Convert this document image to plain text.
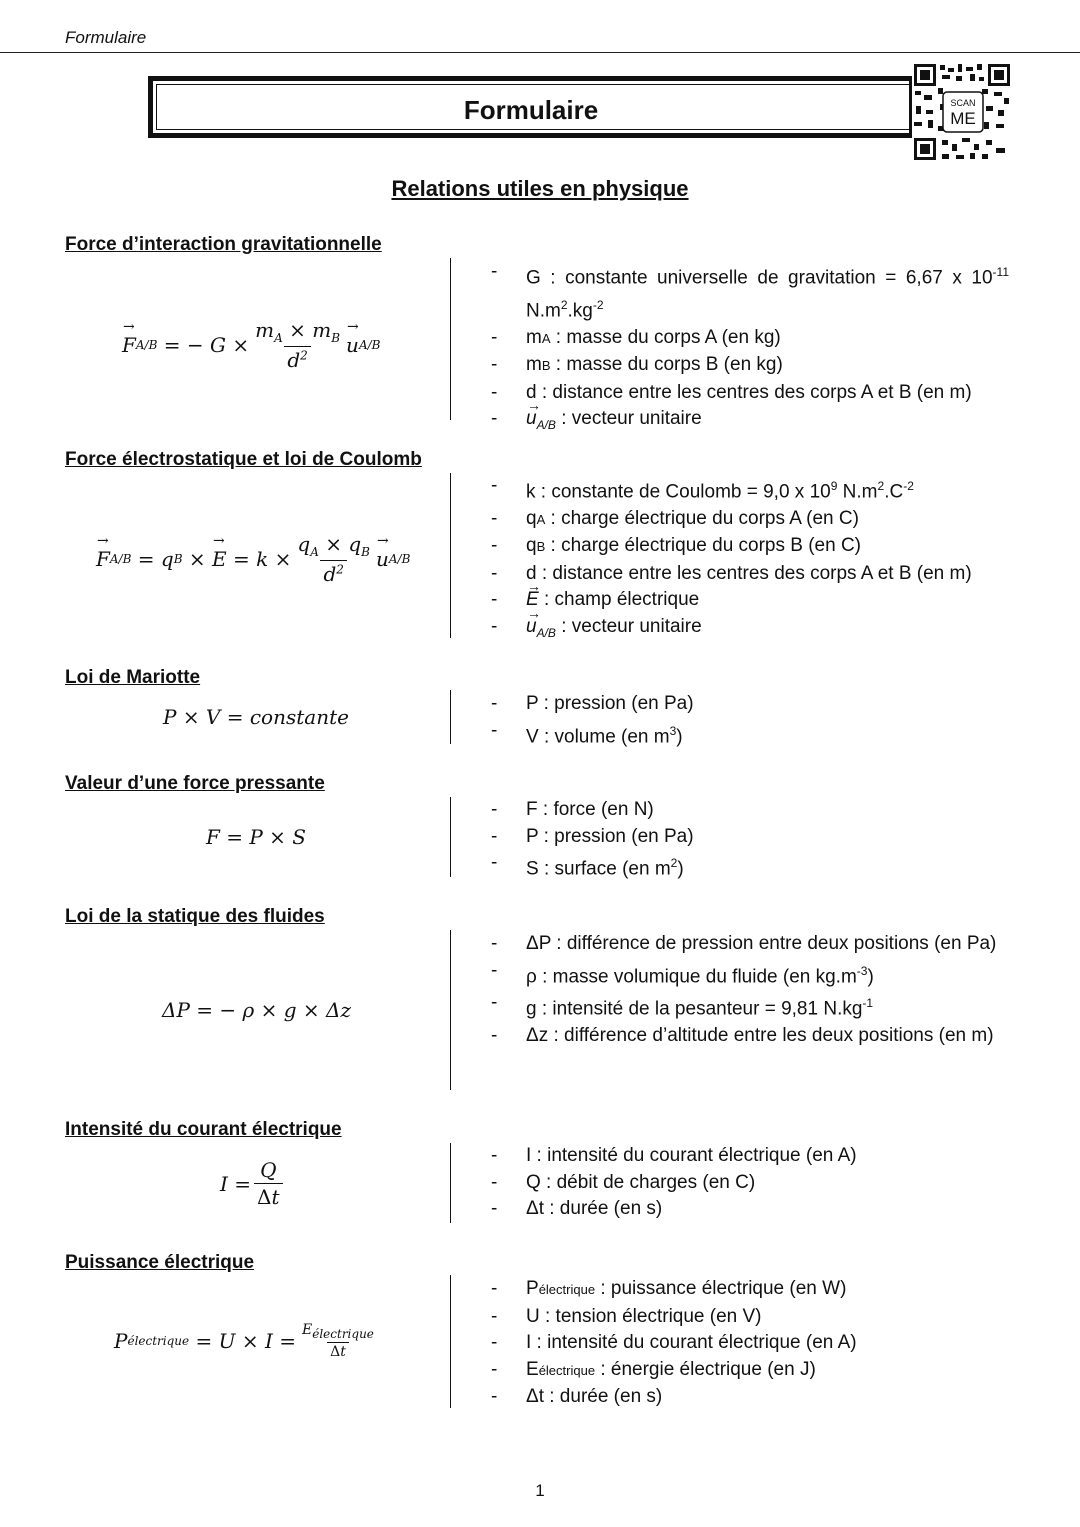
Formulaire
Formulaire	SCAN
ME
Relations utiles en physique
Force d’interaction gravitationnelle
→ F A/B
= − $G \times \frac{m_A \times m_B}{d^2}$
→ u A/B
- G : constante universelle de gravitation = 6,67 x $10^{-11}$ $N.m^2.kg^{-2}$
- mA : masse du corps A (en kg)
- mB : masse du corps B (en kg)
- d : distance entre les centres des corps A et B (en m)
- → $u_{A/B}$ : vecteur unitaire
Force électrostatique et loi de Coulomb
→ F A/B
= q B
×

→ E
= $k \times \frac{q_A \times q_B}{d^2}$
→ u A/B
- k : constante de Coulomb = 9,0 x $10^9$ $N.m^2.C^{-2}$
- qA : charge électrique du corps A (en C)
- qB : charge électrique du corps B (en C)
- d : distance entre les centres des corps A et B (en m)
- → E : champ électrique
- → $u_{A/B}$ : vecteur unitaire
Loi de Mariotte
P × V = constante
- P : pression (en Pa)
- V : volume (en $m^3$)
Valeur d’une force pressante
F = P × S
- F : force (en N)
- P : pression (en Pa)
- S : surface (en $m^2$)
Loi de la statique des fluides
ΔP = − ρ × g × Δz
- ΔP : différence de pression entre deux positions (en Pa)
- ρ : masse volumique du fluide (en $kg.m^{-3}$)
- g : intensité de la pesanteur = 9,81 $N.kg^{-1}$
- Δz : différence d’altitude entre les deux positions (en m)
Intensité du courant électrique
$I = \frac{Q}{\Delta t}$
- I : intensité du courant électrique (en A)
- Q : débit de charges (en C)
- Δt : durée (en s)
Puissance électrique
P électrique
= $U \times I = \frac{E_{électrique}}{\Delta t}$
- Pélectrique : puissance électrique (en W)
- U : tension électrique (en V)
- I : intensité du courant électrique (en A)
- Eélectrique : énergie électrique (en J)
- Δt : durée (en s)
1
